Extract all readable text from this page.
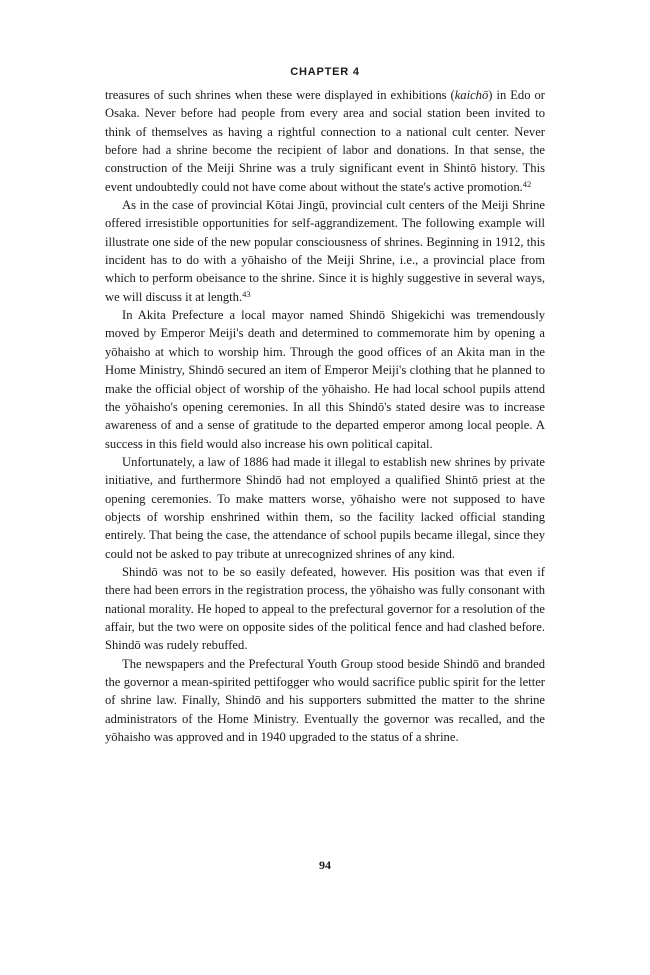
CHAPTER 4

treasures of such shrines when these were displayed in exhibitions (kaichō) in Edo or Osaka. Never before had people from every area and social station been invited to think of themselves as having a rightful connection to a national cult center. Never before had a shrine become the recipient of labor and donations. In that sense, the construction of the Meiji Shrine was a truly significant event in Shintō history. This event undoubtedly could not have come about without the state's active promotion.$^{42}$

As in the case of provincial Kōtai Jingū, provincial cult centers of the Meiji Shrine offered irresistible opportunities for self-aggrandizement. The following example will illustrate one side of the new popular consciousness of shrines. Beginning in 1912, this incident has to do with a yōhaisho of the Meiji Shrine, i.e., a provincial place from which to perform obeisance to the shrine. Since it is highly suggestive in several ways, we will discuss it at length.$^{43}$

In Akita Prefecture a local mayor named Shindō Shigekichi was tremendously moved by Emperor Meiji's death and determined to commemorate him by opening a yōhaisho at which to worship him. Through the good offices of an Akita man in the Home Ministry, Shindō secured an item of Emperor Meiji's clothing that he planned to make the official object of worship of the yōhaisho. He had local school pupils attend the yōhaisho's opening ceremonies. In all this Shindō's stated desire was to increase awareness of and a sense of gratitude to the departed emperor among local people. A success in this field would also increase his own political capital.

Unfortunately, a law of 1886 had made it illegal to establish new shrines by private initiative, and furthermore Shindō had not employed a qualified Shintō priest at the opening ceremonies. To make matters worse, yōhaisho were not supposed to have objects of worship enshrined within them, so the facility lacked official standing entirely. That being the case, the attendance of school pupils became illegal, since they could not be asked to pay tribute at unrecognized shrines of any kind.

Shindō was not to be so easily defeated, however. His position was that even if there had been errors in the registration process, the yōhaisho was fully consonant with national morality. He hoped to appeal to the prefectural governor for a resolution of the affair, but the two were on opposite sides of the political fence and had clashed before. Shindō was rudely rebuffed.

The newspapers and the Prefectural Youth Group stood beside Shindō and branded the governor a mean-spirited pettifogger who would sacrifice public spirit for the letter of shrine law. Finally, Shindō and his supporters submitted the matter to the shrine administrators of the Home Ministry. Eventually the governor was recalled, and the yōhaisho was approved and in 1940 upgraded to the status of a shrine.

94
